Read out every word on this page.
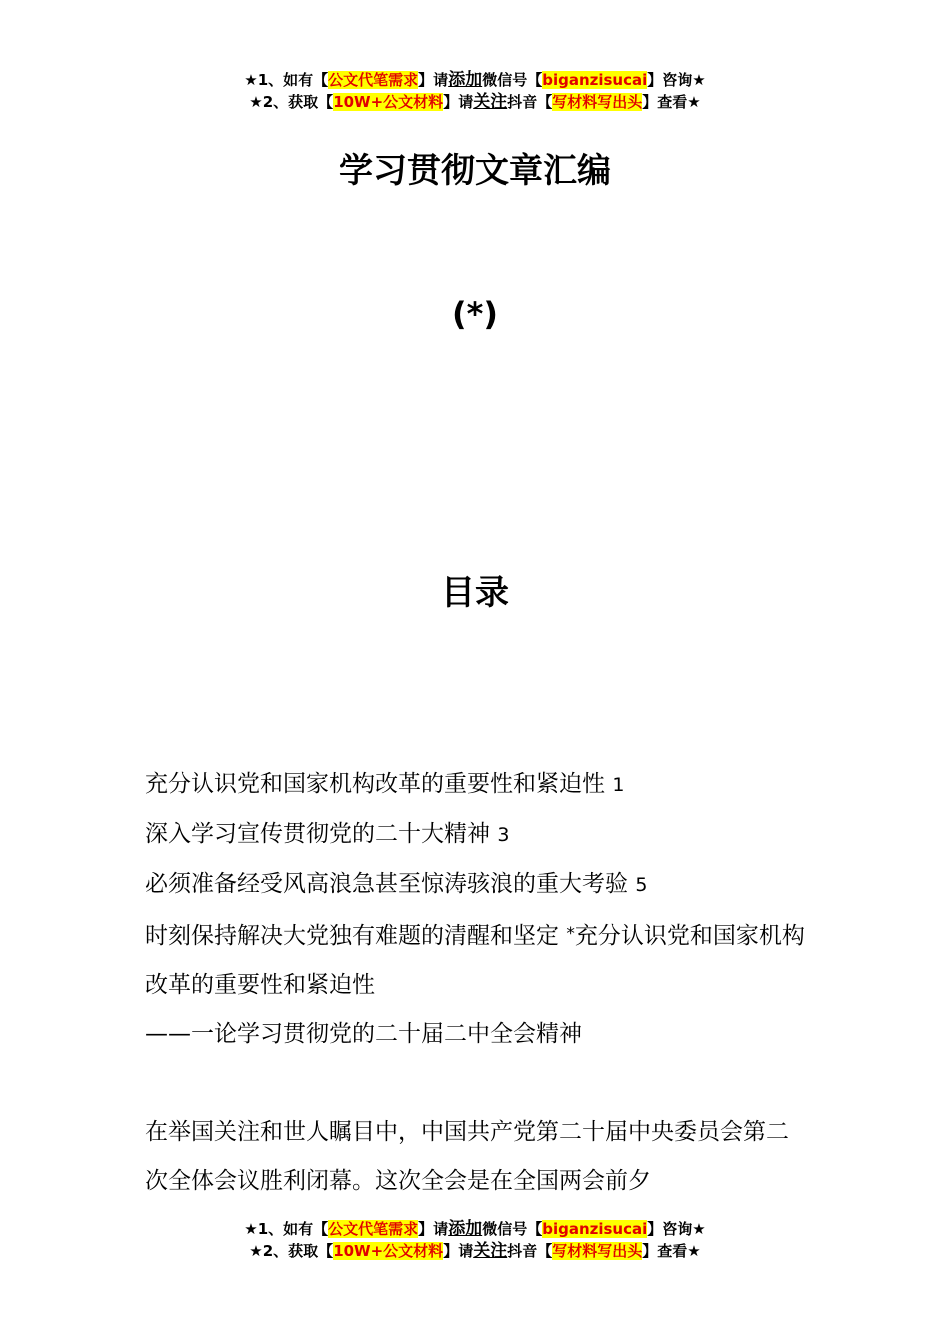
★1、如有【公文代笔需求】请添加微信号【biganzisucai】咨询★
★2、获取【10W+公文材料】请关注抖音【写材料写出头】查看★
学习贯彻文章汇编
(*)
目录
充分认识党和国家机构改革的重要性和紧迫性 1
深入学习宣传贯彻党的二十大精神 3
必须准备经受风高浪急甚至惊涛骇浪的重大考验 5
时刻保持解决大党独有难题的清醒和坚定 *充分认识党和国家机构改革的重要性和紧迫性
——一论学习贯彻党的二十届二中全会精神
在举国关注和世人瞩目中，中国共产党第二十届中央委员会第二次全体会议胜利闭幕。这次全会是在全国两会前夕
★1、如有【公文代笔需求】请添加微信号【biganzisucai】咨询★
★2、获取【10W+公文材料】请关注抖音【写材料写出头】查看★
